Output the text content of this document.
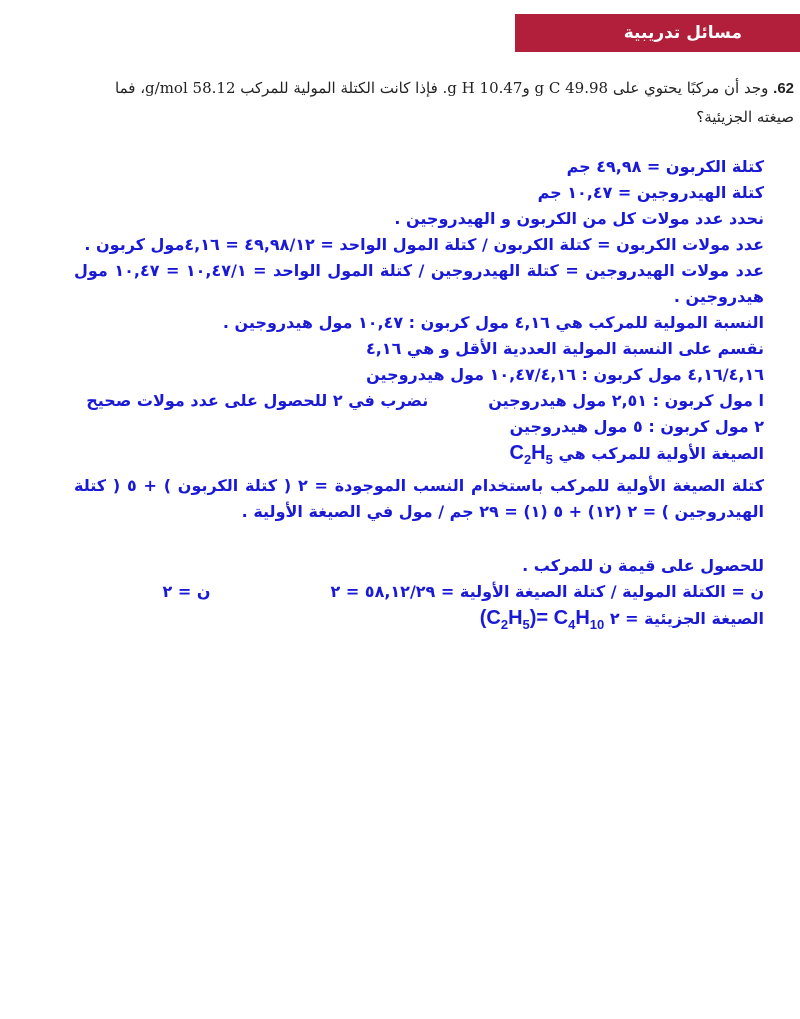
مسائل تدريبية
62. وجد أن مركبًا يحتوي على 49.98 g C و10.47 g H. فإذا كانت الكتلة المولية للمركب 58.12 g/mol، فما صيغته الجزيئية؟
كتلة الكربون = ٤٩,٩٨ جم
كتلة الهيدروجين = ١٠,٤٧ جم
نحدد عدد مولات كل من الكربون و الهيدروجين .
عدد مولات الكربون = كتلة الكربون / كتلة المول الواحد = ٤٩,٩٨/١٢ = ٤,١٦مول كربون .
عدد مولات الهيدروجين = كتلة الهيدروجين / كتلة المول الواحد = ١٠,٤٧/١ = ١٠,٤٧ مول هيدروجين .
النسبة المولية للمركب هي ٤,١٦ مول كربون : ١٠,٤٧ مول هيدروجين .
نقسم على النسبة المولية العددية الأقل و هي ٤,١٦
٤,١٦/٤,١٦ مول كربون : ١٠,٤٧/٤,١٦ مول هيدروجين
ا مول كربون : ٢,٥١ مول هيدروجيننضرب في ٢ للحصول على عدد مولات صحيح
٢ مول كربون : ٥ مول هيدروجين
الصيغة الأولية للمركب هي $C_2H_5$
كتلة الصيغة الأولية للمركب باستخدام النسب الموجودة = ٢ ( كتلة الكربون ) + ٥ ( كتلة الهيدروجين ) = ٢ (١٢) + ٥ (١) = ٢٩ جم / مول في الصيغة الأولية .
للحصول على قيمة ن للمركب .
ن = الكتلة المولية / كتلة الصيغة الأولية = ٥٨,١٢/٢٩ = ٢ن = ٢
الصيغة الجزيئية = ٢ $(C_2H_5)= C_4H_{10}$
